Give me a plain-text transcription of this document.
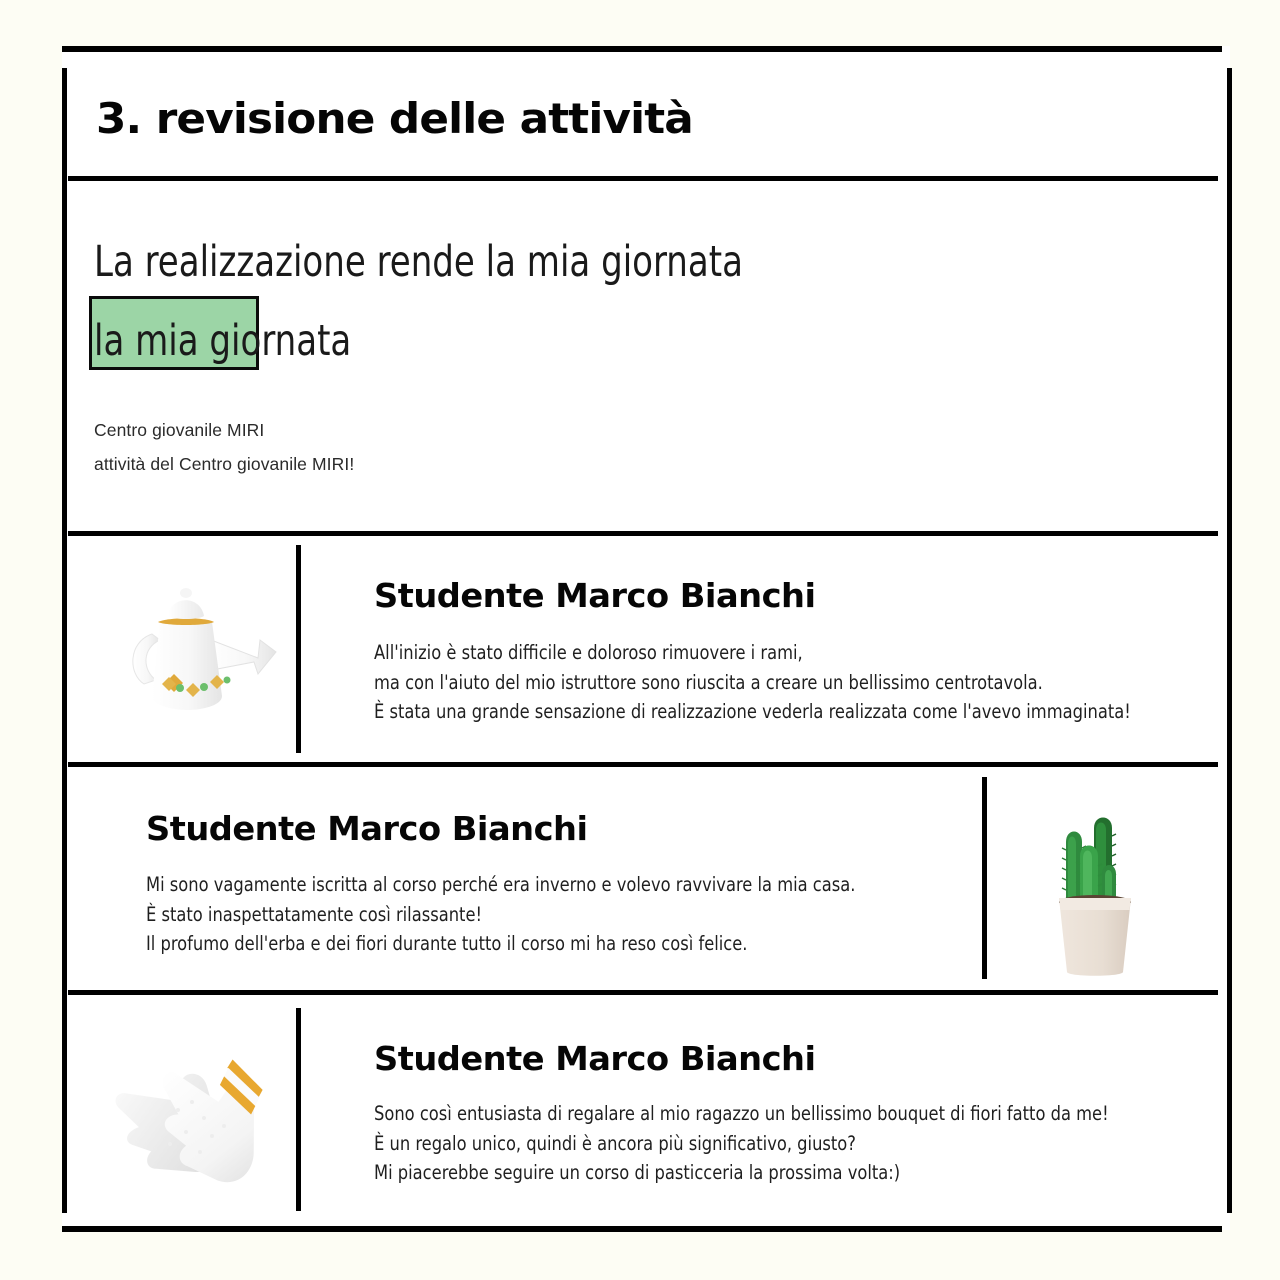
3. revisione delle attività
La realizzazione rende la mia giornata
la mia giornata
Centro giovanile MIRI
attività del Centro giovanile MIRI!
Studente Marco Bianchi
All'inizio è stato difficile e doloroso rimuovere i rami,
ma con l'aiuto del mio istruttore sono riuscita a creare un bellissimo centrotavola.
È stata una grande sensazione di realizzazione vederla realizzata come l'avevo immaginata!
Studente Marco Bianchi
Mi sono vagamente iscritta al corso perché era inverno e volevo ravvivare la mia casa.
È stato inaspettatamente così rilassante!
Il profumo dell'erba e dei fiori durante tutto il corso mi ha reso così felice.
Studente Marco Bianchi
Sono così entusiasta di regalare al mio ragazzo un bellissimo bouquet di fiori fatto da me!
È un regalo unico, quindi è ancora più significativo, giusto?
Mi piacerebbe seguire un corso di pasticceria la prossima volta:)
